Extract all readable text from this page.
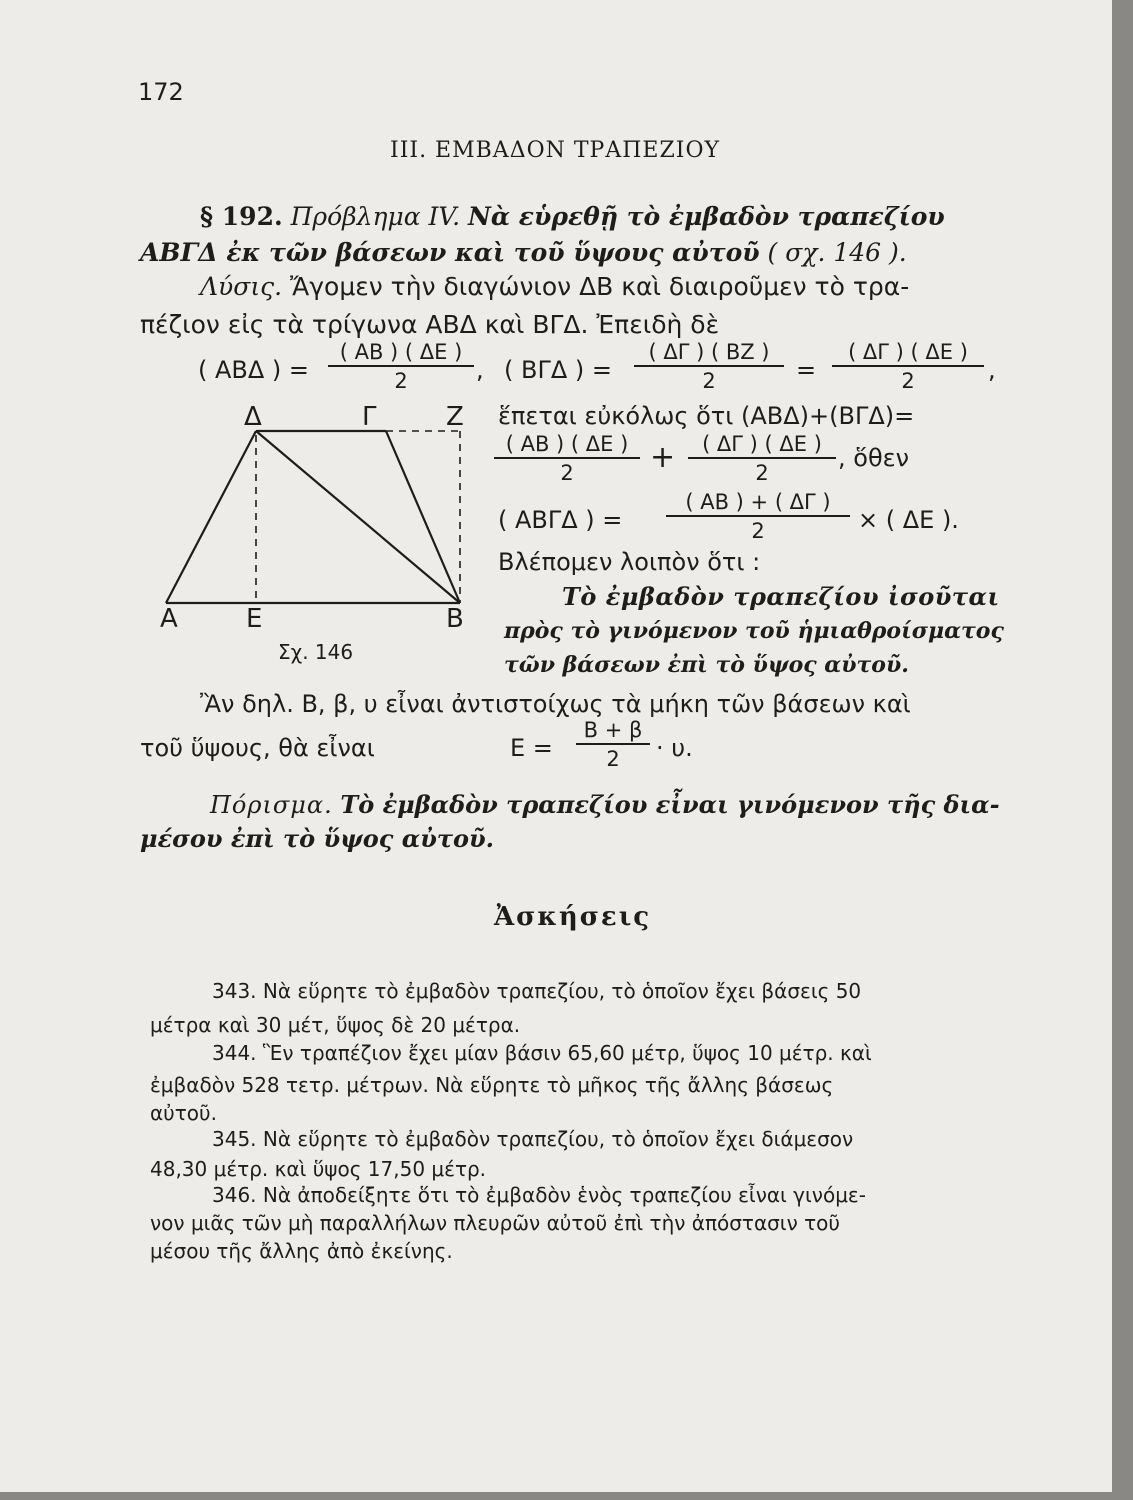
172
ΙΙΙ. ΕΜΒΑΔΟΝ ΤΡΑΠΕΖΙΟΥ
§ 192. Πρόβλημα IV. Νὰ εὑρεθῇ τὸ ἐμβαδὸν τραπεζίου
ΑΒΓΔ ἐκ τῶν βάσεων καὶ τοῦ ὕψους αὐτοῦ ( σχ. 146 ).
Λύσις. Ἄγομεν τὴν διαγώνιον ΔΒ καὶ διαιροῦμεν τὸ τρα-
πέζιον εἰς τὰ τρίγωνα ΑΒΔ καὶ ΒΓΔ. Ἐπειδὴ δὲ
( ΑΒΔ ) =
( ΑΒ ) ( ΔΕ )
2	, ( ΒΓΔ ) =
( ΔΓ ) ( ΒΖ )
2	=
( ΔΓ ) ( ΔΕ )
2	,
Δ	Γ	Ζ
Α	Ε	Β
Σχ. 146
ἕπεται εὐκόλως ὅτι (ΑΒΔ)+(ΒΓΔ)=
( ΑΒ ) ( ΔΕ )
2	+	( ΔΓ ) ( ΔΕ )
2
, ὅθεν
( ΑΒΓΔ ) =
( ΑΒ ) + ( ΔΓ )
2	× ( ΔΕ ).
Βλέπομεν λοιπὸν ὅτι :
Τὸ ἐμβαδὸν τραπεζίου ἰσοῦται
πρὸς τὸ γινόμενον τοῦ ἡμιαθροίσματος
τῶν βάσεων ἐπὶ τὸ ὕψος αὐτοῦ.
Ἂν δηλ. Β, β, υ εἶναι ἀντιστοίχως τὰ μήκη τῶν βάσεων καὶ
τοῦ ὕψους, θὰ εἶναι	Ε =
Β + β
2	· υ.
Πόρισμα. Τὸ ἐμβαδὸν τραπεζίου εἶναι γινόμενον τῆς δια-
μέσου ἐπὶ τὸ ὕψος αὐτοῦ.
Ἀσκήσεις
343. Νὰ εὕρητε τὸ ἐμβαδὸν τραπεζίου, τὸ ὁποῖον ἔχει βάσεις 50
μέτρα καὶ 30 μέτ, ὕψος δὲ 20 μέτρα.
344. Ἓν τραπέζιον ἔχει μίαν βάσιν 65,60 μέτρ, ὕψος 10 μέτρ. καὶ
ἐμβαδὸν 528 τετρ. μέτρων. Νὰ εὕρητε τὸ μῆκος τῆς ἄλλης βάσεως
αὐτοῦ.
345. Νὰ εὕρητε τὸ ἐμβαδὸν τραπεζίου, τὸ ὁποῖον ἔχει διάμεσον
48,30 μέτρ. καὶ ὕψος 17,50 μέτρ.
346. Νὰ ἀποδείξητε ὅτι τὸ ἐμβαδὸν ἑνὸς τραπεζίου εἶναι γινόμε-
νον μιᾶς τῶν μὴ παραλλήλων πλευρῶν αὐτοῦ ἐπὶ τὴν ἀπόστασιν τοῦ
μέσου τῆς ἄλλης ἀπὸ ἐκείνης.
